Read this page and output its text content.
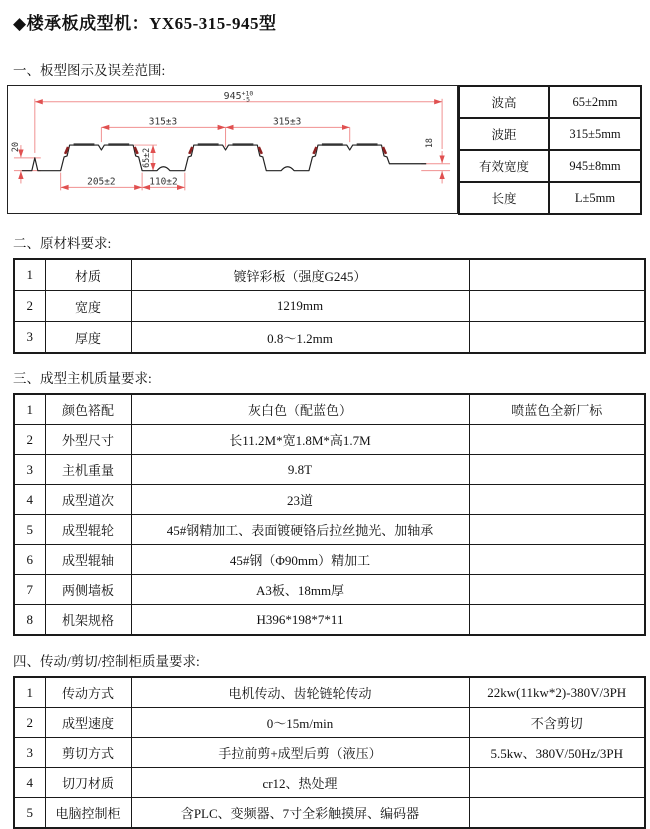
◆楼承板成型机：YX65-315-945型
一、板型图示及误差范围:
$945^{+10}$ -5
315±3	315±3
65±2
205±2	110±2
20	18
波高	65±2mm
波距	315±5mm
有效宽度	945±8mm
长度	L±5mm
二、原材料要求:
1	材质	镀锌彩板（强度G245）	
2	宽度	1219mm	
3	厚度	0.8～1.2mm	
三、成型主机质量要求:
1	颜色褡配	灰白色（配蓝色）	喷蓝色全新厂标
2	外型尺寸	长11.2M*宽1.8M*高1.7M	
3	主机重量	9.8T	
4	成型道次	23道	
5	成型辊轮	45#钢精加工、表面镀硬铬后拉丝抛光、加轴承	
6	成型辊轴	45#钢（Φ90mm）精加工	
7	两侧墙板	A3板、18mm厚	
8	机架规格	H396*198*7*11	
四、传动/剪切/控制柜质量要求:
1	传动方式	电机传动、齿轮链轮传动	22kw(11kw*2)-380V/3PH
2	成型速度	0～15m/min	不含剪切
3	剪切方式	手拉前剪+成型后剪（液压）	5.5kw、380V/50Hz/3PH
4	切刀材质	cr12、热处理	
5	电脑控制柜	含PLC、变频器、7寸全彩触摸屏、编码器	
